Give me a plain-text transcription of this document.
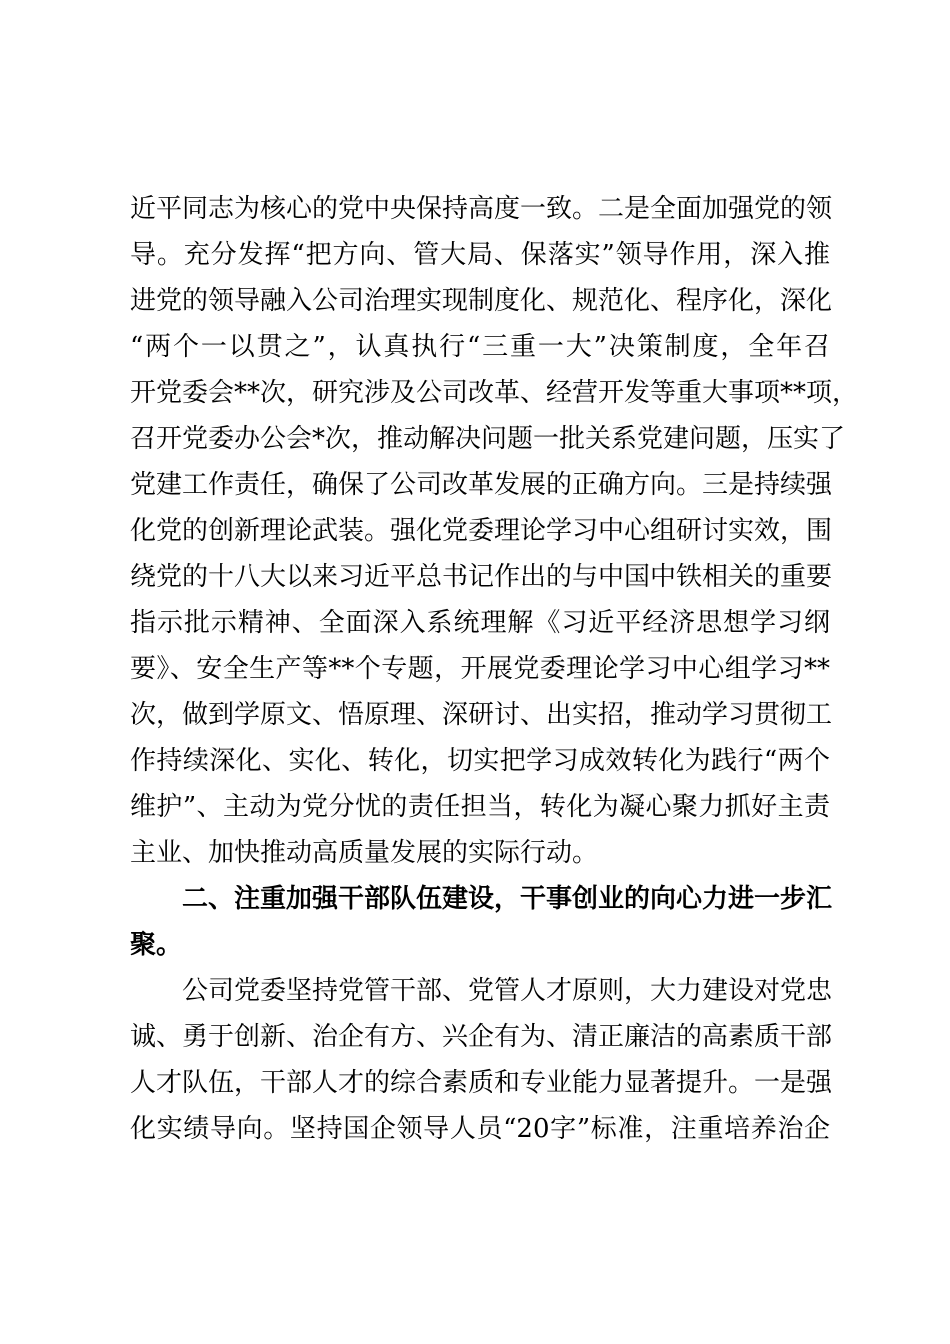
近平同志为核心的党中央保持高度一致。二是全面加强党的领
导。充分发挥“把方向、管大局、保落实”领导作用，深入推
进党的领导融入公司治理实现制度化、规范化、程序化，深化
“两个一以贯之”，认真执行“三重一大”决策制度，全年召
开党委会**次，研究涉及公司改革、经营开发等重大事项**项，
召开党委办公会*次，推动解决问题一批关系党建问题，压实了
党建工作责任，确保了公司改革发展的正确方向。三是持续强
化党的创新理论武装。强化党委理论学习中心组研讨实效，围
绕党的十八大以来习近平总书记作出的与中国中铁相关的重要
指示批示精神、全面深入系统理解《习近平经济思想学习纲
要》、安全生产等**个专题，开展党委理论学习中心组学习**
次，做到学原文、悟原理、深研讨、出实招，推动学习贯彻工
作持续深化、实化、转化，切实把学习成效转化为践行“两个
维护”、主动为党分忧的责任担当，转化为凝心聚力抓好主责
主业、加快推动高质量发展的实际行动。
二、注重加强干部队伍建设，干事创业的向心力进一步汇
聚。
公司党委坚持党管干部、党管人才原则，大力建设对党忠
诚、勇于创新、治企有方、兴企有为、清正廉洁的高素质干部
人才队伍，干部人才的综合素质和专业能力显著提升。一是强
化实绩导向。坚持国企领导人员“20字”标准，注重培养治企
